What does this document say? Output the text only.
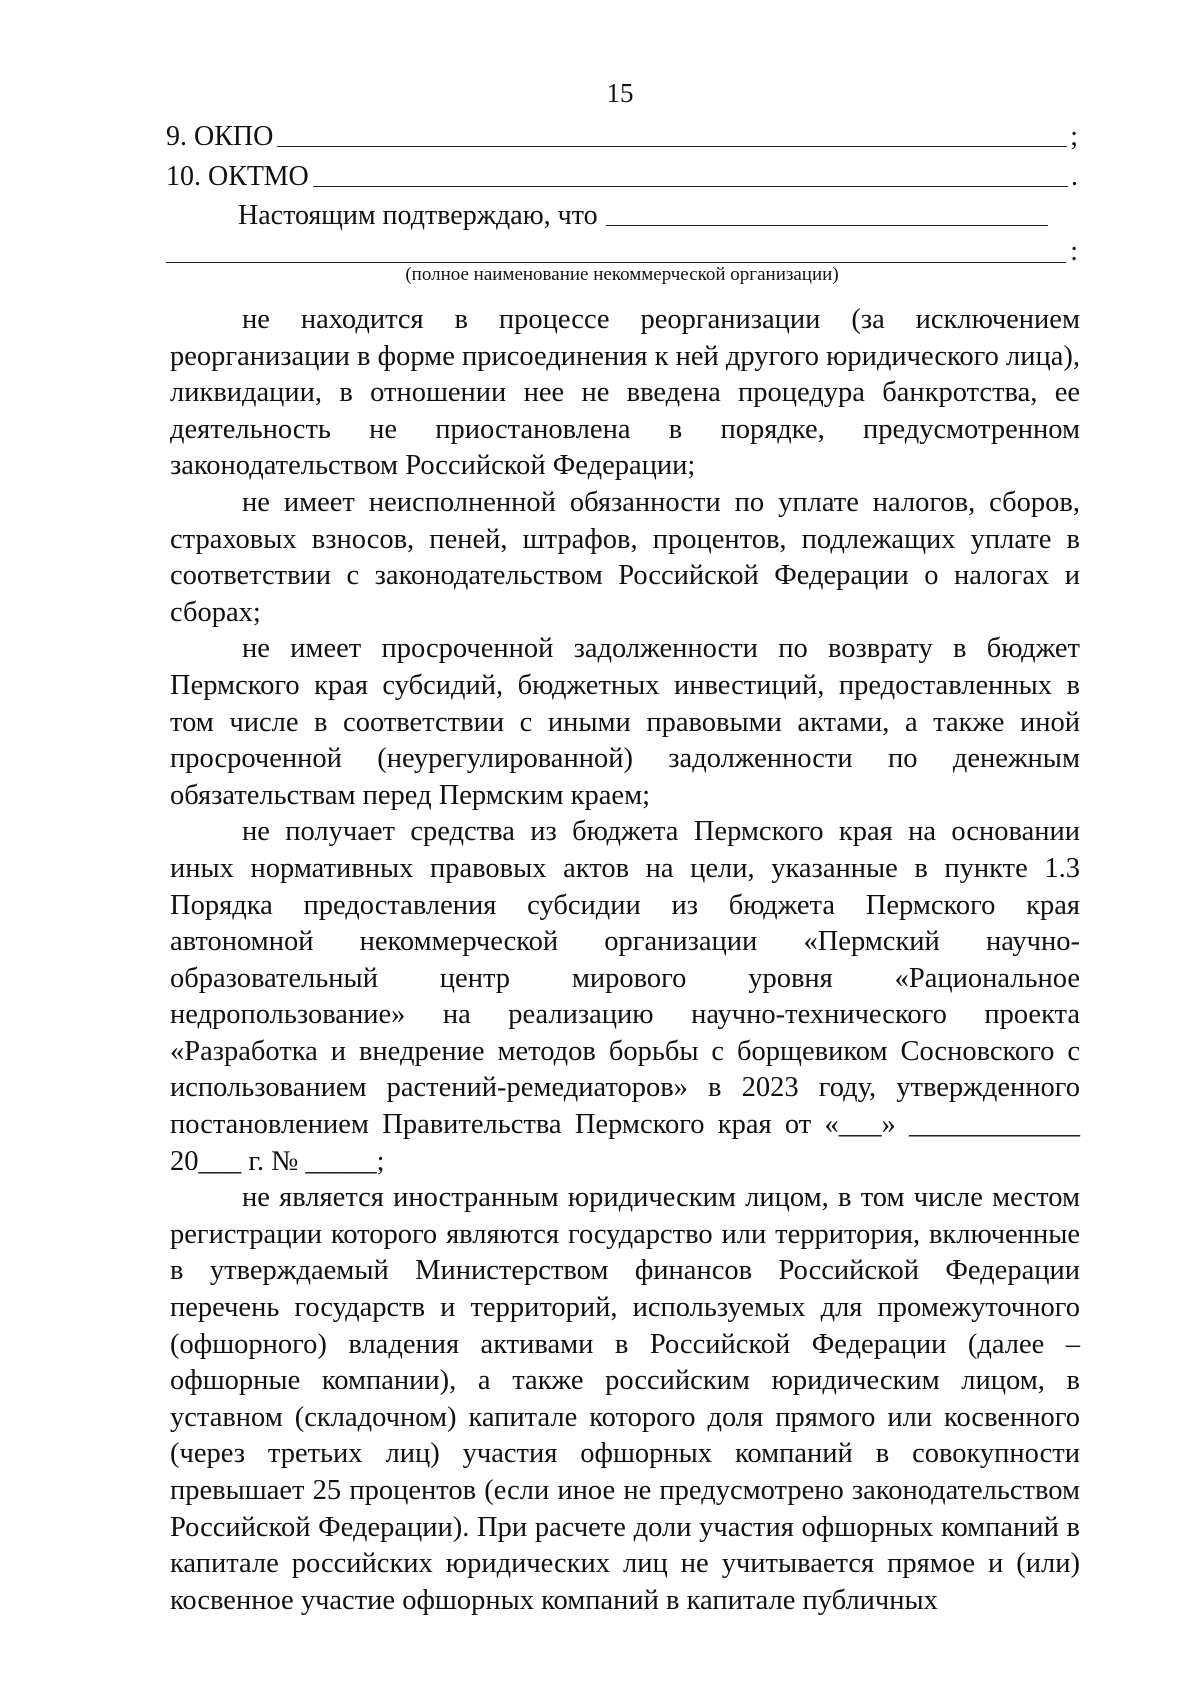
15
9. ОКПО	;
10. ОКТМО	.
Настоящим подтверждаю, что
:
(полное наименование некоммерческой организации)

не находится в процессе реорганизации (за исключением реорганизации в форме присоединения к ней другого юридического лица), ликвидации, в отношении нее не введена процедура банкротства, ее деятельность не приостановлена в порядке, предусмотренном законодательством Российской Федерации;

не имеет неисполненной обязанности по уплате налогов, сборов, страховых взносов, пеней, штрафов, процентов, подлежащих уплате в соответствии с законодательством Российской Федерации о налогах и сборах;

не имеет просроченной задолженности по возврату в бюджет Пермского края субсидий, бюджетных инвестиций, предоставленных в том числе в соответствии с иными правовыми актами, а также иной просроченной (неурегулированной) задолженности по денежным обязательствам перед Пермским краем;

не получает средства из бюджета Пермского края на основании иных нормативных правовых актов на цели, указанные в пункте 1.3 Порядка предоставления субсидии из бюджета Пермского края автономной некоммерческой организации «Пермский научно-образовательный центр мирового уровня «Рациональное недропользование» на реализацию научно-технического проекта «Разработка и внедрение методов борьбы с борщевиком Сосновского с использованием растений-ремедиаторов» в 2023 году, утвержденного постановлением Правительства Пермского края от «___» ____________ 20___ г. № _____;

не является иностранным юридическим лицом, в том числе местом регистрации которого являются государство или территория, включенные в утверждаемый Министерством финансов Российской Федерации перечень государств и территорий, используемых для промежуточного (офшорного) владения активами в Российской Федерации (далее – офшорные компании), а также российским юридическим лицом, в уставном (складочном) капитале которого доля прямого или косвенного (через третьих лиц) участия офшорных компаний в совокупности превышает 25 процентов (если иное не предусмотрено законодательством Российской Федерации). При расчете доли участия офшорных компаний в капитале российских юридических лиц не учитывается прямое и (или) косвенное участие офшорных компаний в капитале публичных
